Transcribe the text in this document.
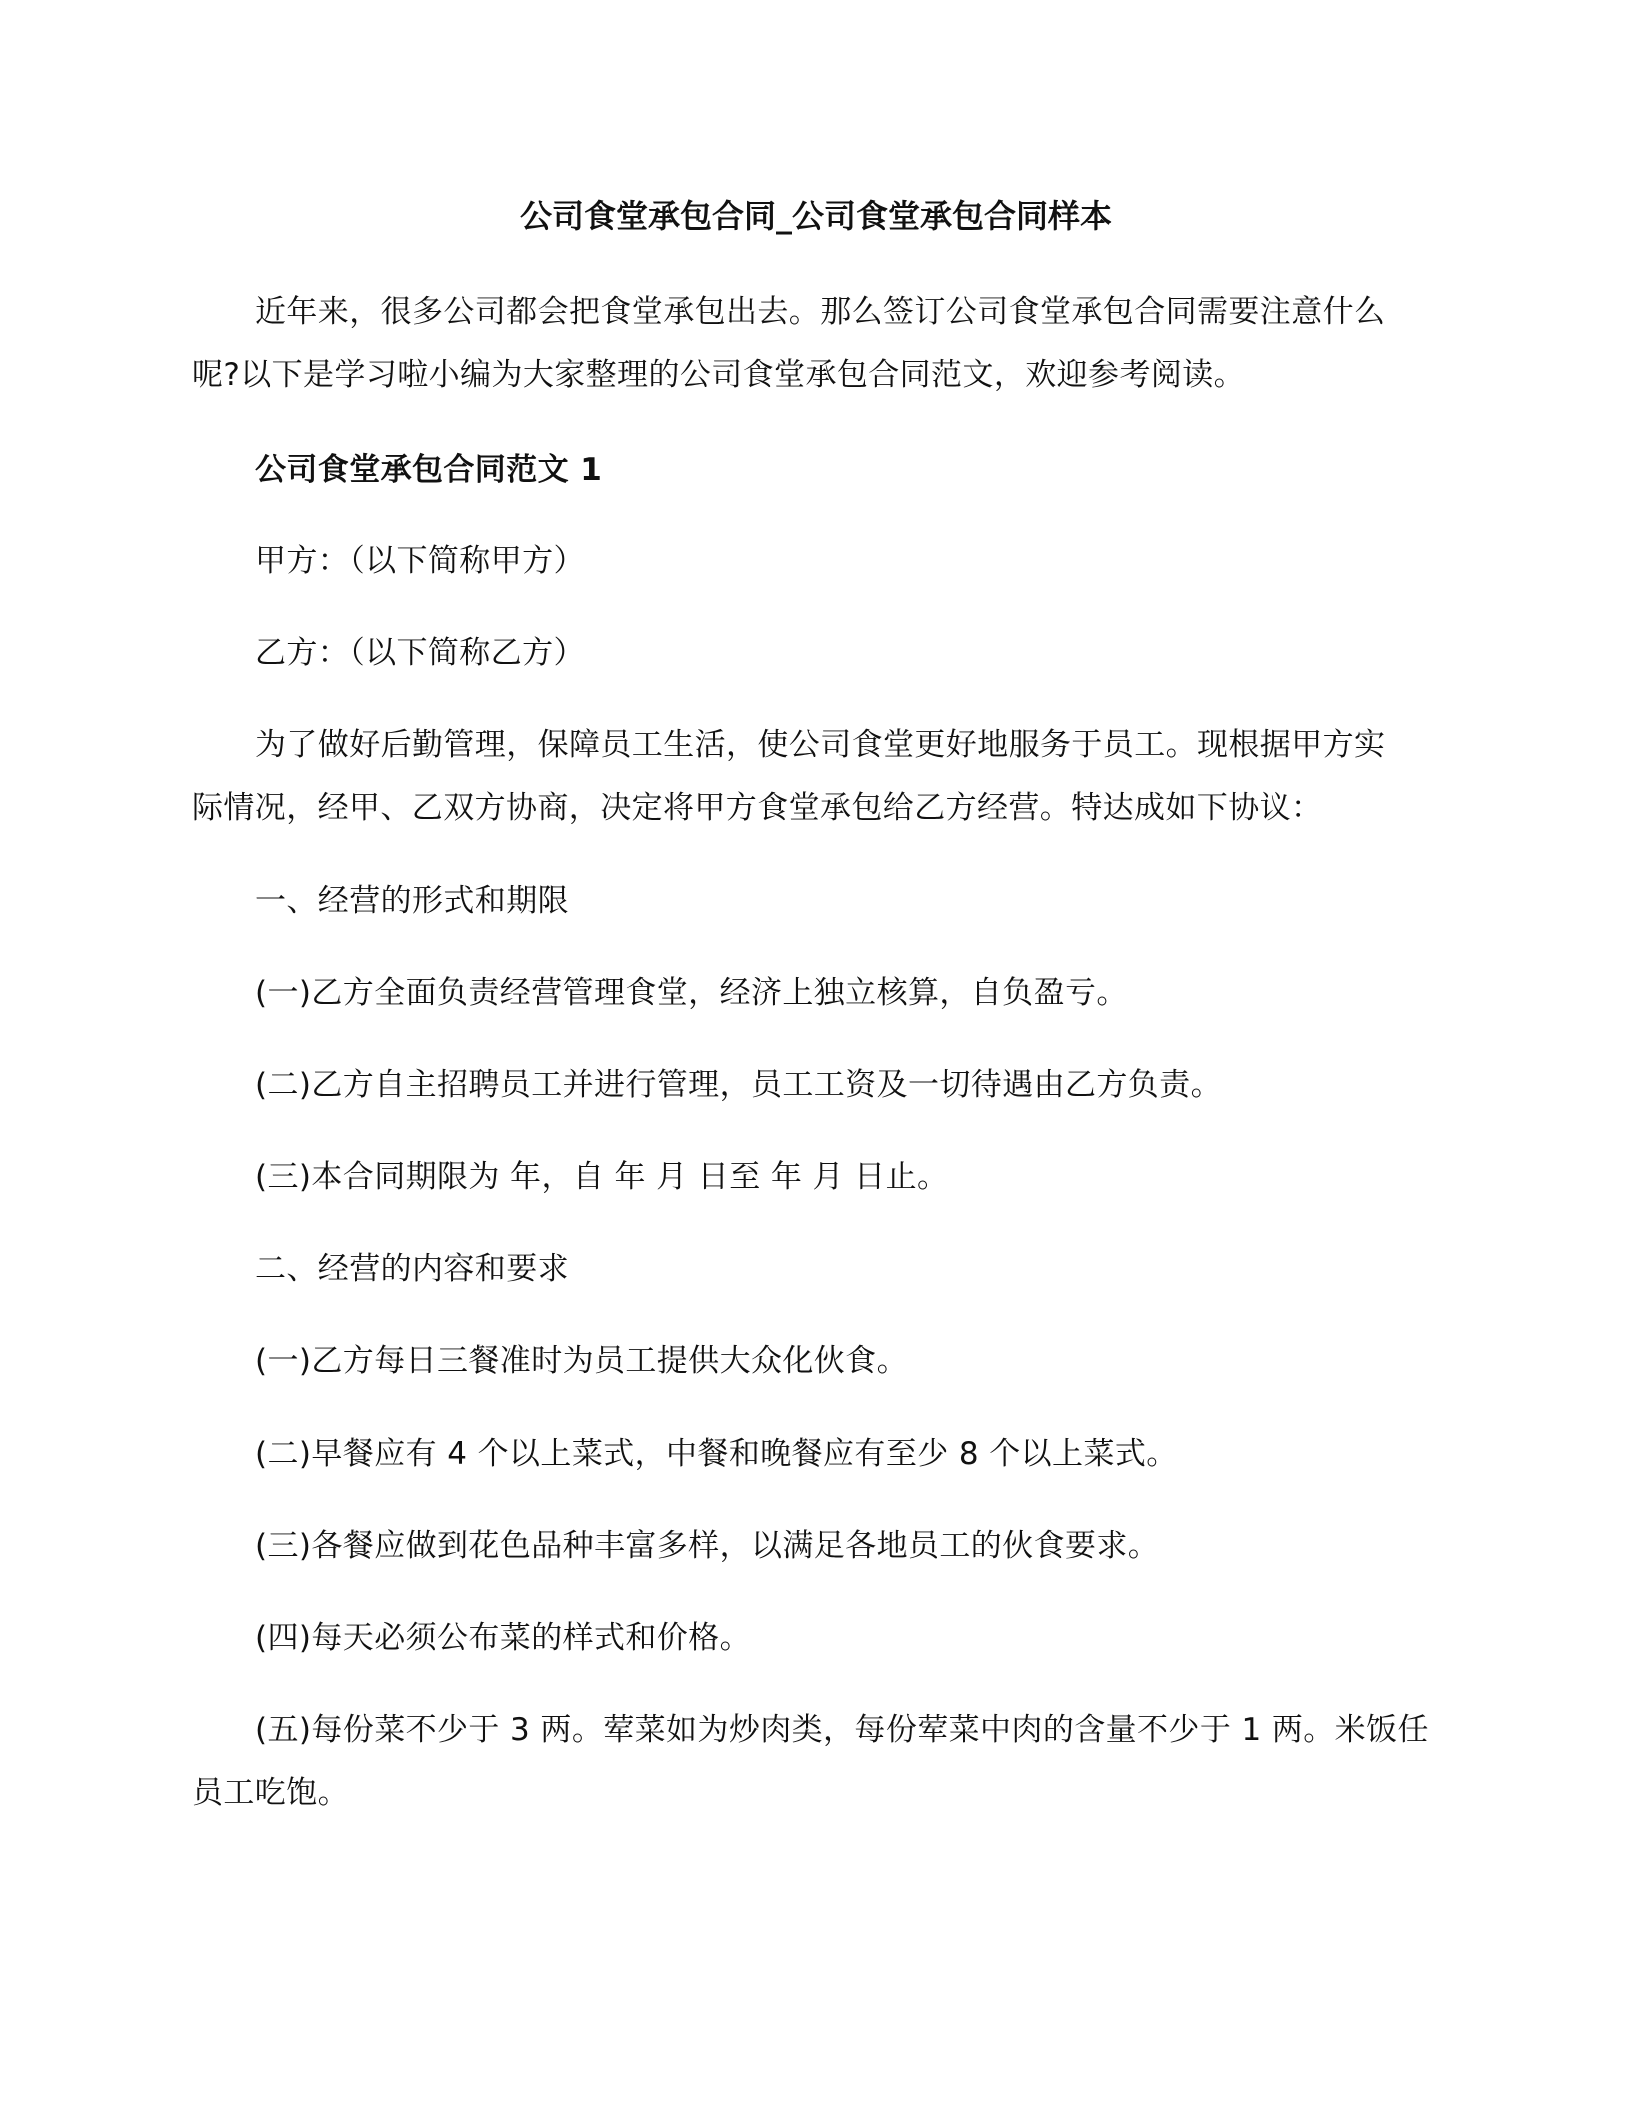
公司食堂承包合同_公司食堂承包合同样本
近年来，很多公司都会把食堂承包出去。那么签订公司食堂承包合同需要注意什么
呢?以下是学习啦小编为大家整理的公司食堂承包合同范文，欢迎参考阅读。
公司食堂承包合同范文 1
甲方：（以下简称甲方）
乙方：（以下简称乙方）
为了做好后勤管理，保障员工生活，使公司食堂更好地服务于员工。现根据甲方实
际情况，经甲、乙双方协商，决定将甲方食堂承包给乙方经营。特达成如下协议：
一、经营的形式和期限
(一)乙方全面负责经营管理食堂，经济上独立核算，自负盈亏。
(二)乙方自主招聘员工并进行管理，员工工资及一切待遇由乙方负责。
(三)本合同期限为 年，自 年 月 日至 年 月 日止。
二、经营的内容和要求
(一)乙方每日三餐准时为员工提供大众化伙食。
(二)早餐应有 4 个以上菜式，中餐和晚餐应有至少 8 个以上菜式。
(三)各餐应做到花色品种丰富多样，以满足各地员工的伙食要求。
(四)每天必须公布菜的样式和价格。
(五)每份菜不少于 3 两。荤菜如为炒肉类，每份荤菜中肉的含量不少于 1 两。米饭任
员工吃饱。
